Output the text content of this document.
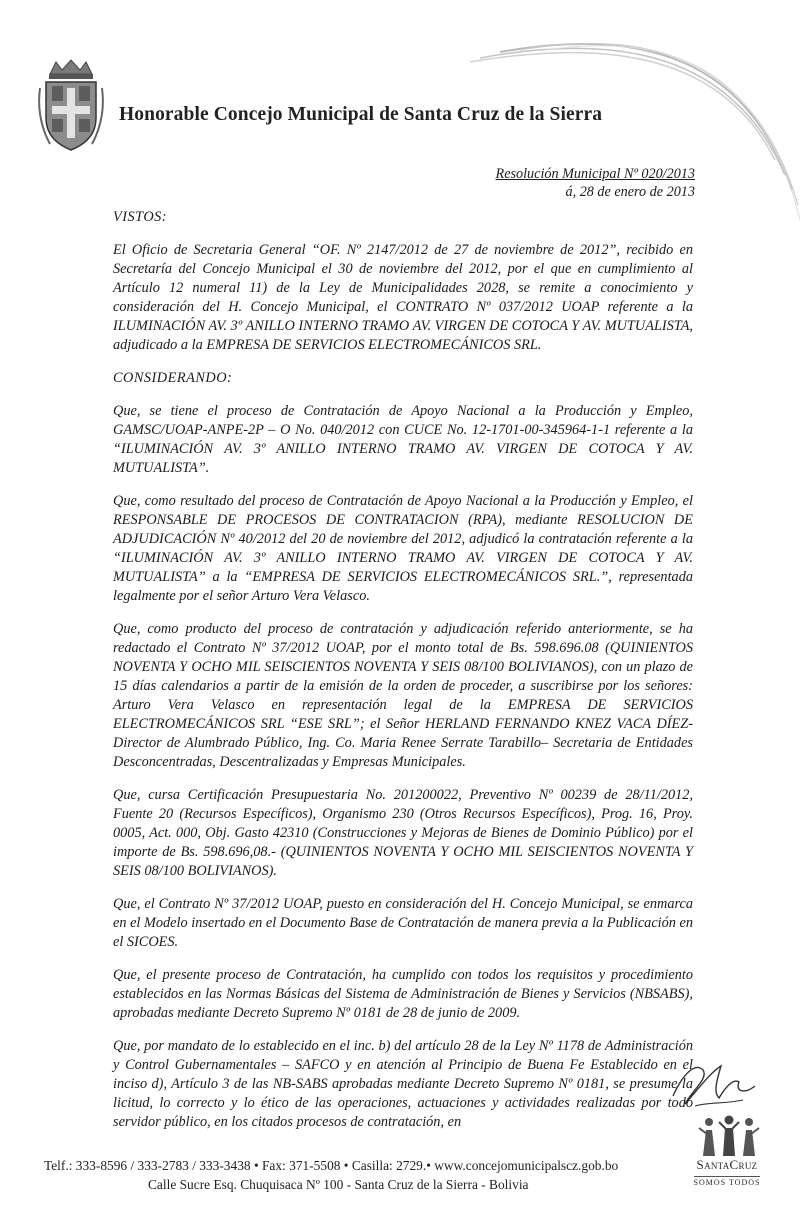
Honorable Concejo Municipal de Santa Cruz de la Sierra
Resolución Municipal Nº 020/2013
á, 28 de enero de 2013
VISTOS:

El Oficio de Secretaria General “OF. Nº 2147/2012 de 27 de noviembre de 2012”, recibido en Secretaría del Concejo Municipal el 30 de noviembre del 2012, por el que en cumplimiento al Artículo 12 numeral 11) de la Ley de Municipalidades 2028, se remite a conocimiento y consideración del H. Concejo Municipal, el CONTRATO Nº 037/2012 UOAP referente a la ILUMINACIÓN AV. 3º ANILLO INTERNO TRAMO AV. VIRGEN DE COTOCA Y AV. MUTUALISTA, adjudicado a la EMPRESA DE SERVICIOS ELECTROMECÁNICOS SRL.

CONSIDERANDO:

Que, se tiene el proceso de Contratación de Apoyo Nacional a la Producción y Empleo, GAMSC/UOAP-ANPE-2P – O No. 040/2012 con CUCE No. 12-1701-00-345964-1-1 referente a la “ILUMINACIÓN AV. 3º ANILLO INTERNO TRAMO AV. VIRGEN DE COTOCA Y AV. MUTUALISTA”.

Que, como resultado del proceso de Contratación de Apoyo Nacional a la Producción y Empleo, el RESPONSABLE DE PROCESOS DE CONTRATACION (RPA), mediante RESOLUCION DE ADJUDICACIÓN Nº 40/2012 del 20 de noviembre del 2012, adjudicó la contratación referente a la “ILUMINACIÓN AV. 3º ANILLO INTERNO TRAMO AV. VIRGEN DE COTOCA Y AV. MUTUALISTA” a la “EMPRESA DE SERVICIOS ELECTROMECÁNICOS SRL.”, representada legalmente por el señor Arturo Vera Velasco.

Que, como producto del proceso de contratación y adjudicación referido anteriormente, se ha redactado el Contrato Nº 37/2012 UOAP, por el monto total de Bs. 598.696.08 (QUINIENTOS NOVENTA Y OCHO MIL SEISCIENTOS NOVENTA Y SEIS 08/100 BOLIVIANOS), con un plazo de 15 días calendarios a partir de la emisión de la orden de proceder, a suscribirse por los señores: Arturo Vera Velasco en representación legal de la EMPRESA DE SERVICIOS ELECTROMECÁNICOS SRL “ESE SRL”; el Señor HERLAND FERNANDO KNEZ VACA DÍEZ-Director de Alumbrado Público, Ing. Co. Maria Renee Serrate Tarabillo– Secretaria de Entidades Desconcentradas, Descentralizadas y Empresas Municipales.

Que, cursa Certificación Presupuestaria No. 201200022, Preventivo Nº 00239 de 28/11/2012, Fuente 20 (Recursos Específicos), Organismo 230 (Otros Recursos Específicos), Prog. 16, Proy. 0005, Act. 000, Obj. Gasto 42310 (Construcciones y Mejoras de Bienes de Dominio Público) por el importe de Bs. 598.696,08.- (QUINIENTOS NOVENTA Y OCHO MIL SEISCIENTOS NOVENTA Y SEIS 08/100 BOLIVIANOS).

Que, el Contrato Nº 37/2012 UOAP, puesto en consideración del H. Concejo Municipal, se enmarca en el Modelo insertado en el Documento Base de Contratación de manera previa a la Publicación en el SICOES.

Que, el presente proceso de Contratación, ha cumplido con todos los requisitos y procedimiento establecidos en las Normas Básicas del Sistema de Administración de Bienes y Servicios (NBSABS), aprobadas mediante Decreto Supremo Nº 0181 de 28 de junio de 2009.

Que, por mandato de lo establecido en el inc. b) del artículo 28 de la Ley Nº 1178 de Administración y Control Gubernamentales – SAFCO y en atención al Principio de Buena Fe Establecido en el inciso d), Artículo 3 de las NB-SABS aprobadas mediante Decreto Supremo Nº 0181, se presume la licitud, lo correcto y lo ético de las operaciones, actuaciones y actividades realizadas por todo servidor público, en los citados procesos de contratación, en

SantaCruz
SOMOS TODOS
Telf.: 333-8596 / 333-2783 / 333-3438 • Fax: 371-5508 • Casilla: 2729.• www.concejomunicipalscz.gob.bo
Calle Sucre Esq. Chuquisaca Nº 100 - Santa Cruz de la Sierra - Bolivia
